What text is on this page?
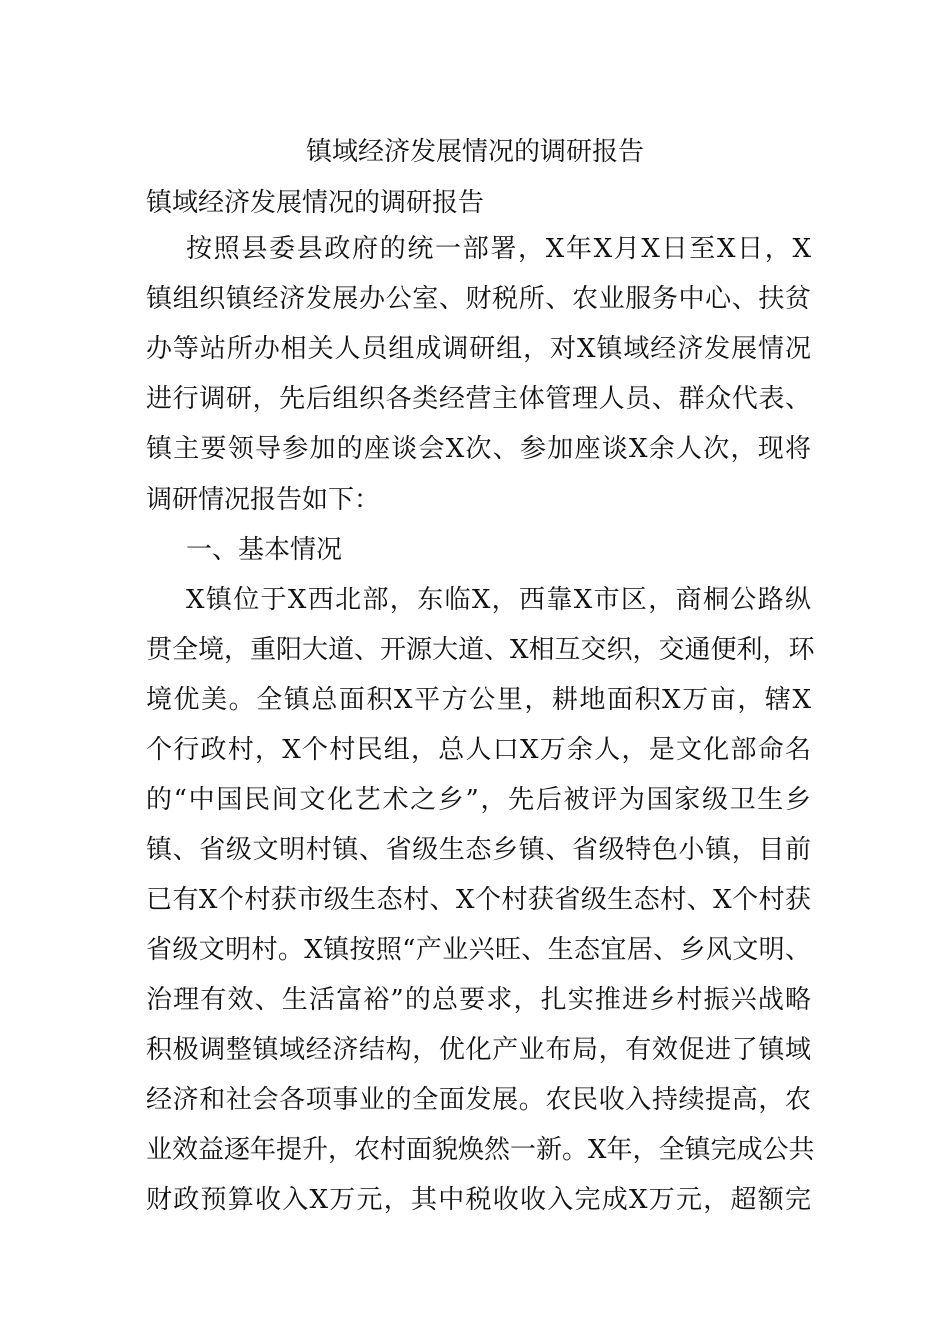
镇域经济发展情况的调研报告
镇域经济发展情况的调研报告
按照县委县政府的统一部署，X年X月X日至X日，X
镇组织镇经济发展办公室、财税所、农业服务中心、扶贫
办等站所办相关人员组成调研组，对X镇域经济发展情况
进行调研，先后组织各类经营主体管理人员、群众代表、
镇主要领导参加的座谈会X次、参加座谈X余人次，现将
调研情况报告如下：
一、基本情况
X镇位于X西北部，东临X，西靠X市区，商桐公路纵
贯全境，重阳大道、开源大道、X相互交织，交通便利，环
境优美。全镇总面积X平方公里，耕地面积X万亩，辖X
个行政村，X个村民组，总人口X万余人，是文化部命名
的“中国民间文化艺术之乡”，先后被评为国家级卫生乡
镇、省级文明村镇、省级生态乡镇、省级特色小镇，目前
已有X个村获市级生态村、X个村获省级生态村、X个村获
省级文明村。X镇按照“产业兴旺、生态宜居、乡风文明、
治理有效、生活富裕”的总要求，扎实推进乡村振兴战略
积极调整镇域经济结构，优化产业布局，有效促进了镇域
经济和社会各项事业的全面发展。农民收入持续提高，农
业效益逐年提升，农村面貌焕然一新。X年，全镇完成公共
财政预算收入X万元，其中税收收入完成X万元，超额完
